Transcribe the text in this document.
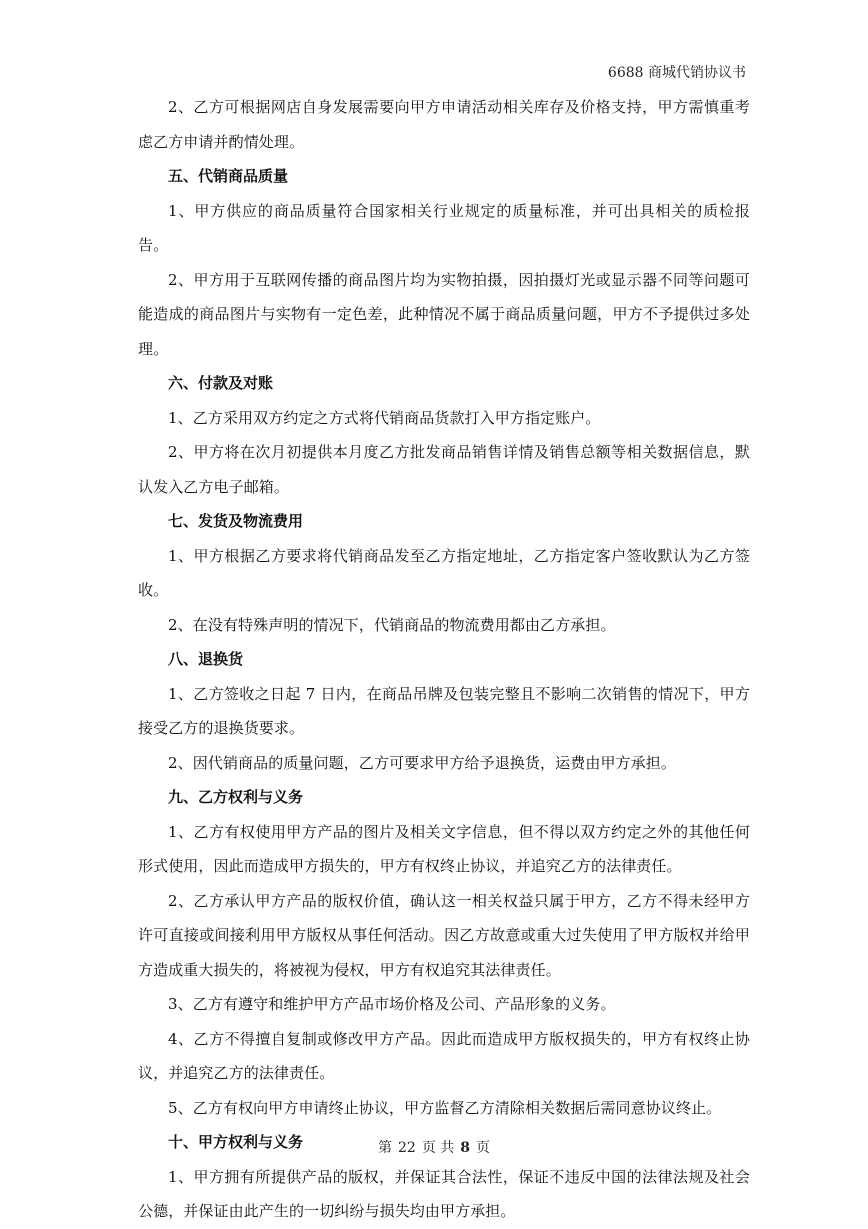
6688 商城代销协议书

2、乙方可根据网店自身发展需要向甲方申请活动相关库存及价格支持，甲方需慎重考虑乙方申请并酌情处理。

五、代销商品质量

1、甲方供应的商品质量符合国家相关行业规定的质量标准，并可出具相关的质检报告。

2、甲方用于互联网传播的商品图片均为实物拍摄，因拍摄灯光或显示器不同等问题可能造成的商品图片与实物有一定色差，此种情况不属于商品质量问题，甲方不予提供过多处理。

六、付款及对账

1、乙方采用双方约定之方式将代销商品货款打入甲方指定账户。

2、甲方将在次月初提供本月度乙方批发商品销售详情及销售总额等相关数据信息，默认发入乙方电子邮箱。

七、发货及物流费用

1、甲方根据乙方要求将代销商品发至乙方指定地址，乙方指定客户签收默认为乙方签收。

2、在没有特殊声明的情况下，代销商品的物流费用都由乙方承担。

八、退换货

1、乙方签收之日起 7 日内，在商品吊牌及包装完整且不影响二次销售的情况下，甲方接受乙方的退换货要求。

2、因代销商品的质量问题，乙方可要求甲方给予退换货，运费由甲方承担。

九、乙方权利与义务

1、乙方有权使用甲方产品的图片及相关文字信息，但不得以双方约定之外的其他任何形式使用，因此而造成甲方损失的，甲方有权终止协议，并追究乙方的法律责任。

2、乙方承认甲方产品的版权价值，确认这一相关权益只属于甲方，乙方不得未经甲方许可直接或间接利用甲方版权从事任何活动。因乙方故意或重大过失使用了甲方版权并给甲方造成重大损失的，将被视为侵权，甲方有权追究其法律责任。

3、乙方有遵守和维护甲方产品市场价格及公司、产品形象的义务。

4、乙方不得擅自复制或修改甲方产品。因此而造成甲方版权损失的，甲方有权终止协议，并追究乙方的法律责任。

5、乙方有权向甲方申请终止协议，甲方监督乙方清除相关数据后需同意协议终止。

十、甲方权利与义务

1、甲方拥有所提供产品的版权，并保证其合法性，保证不违反中国的法律法规及社会公德，并保证由此产生的一切纠纷与损失均由甲方承担。

第 22 页 共 8 页
